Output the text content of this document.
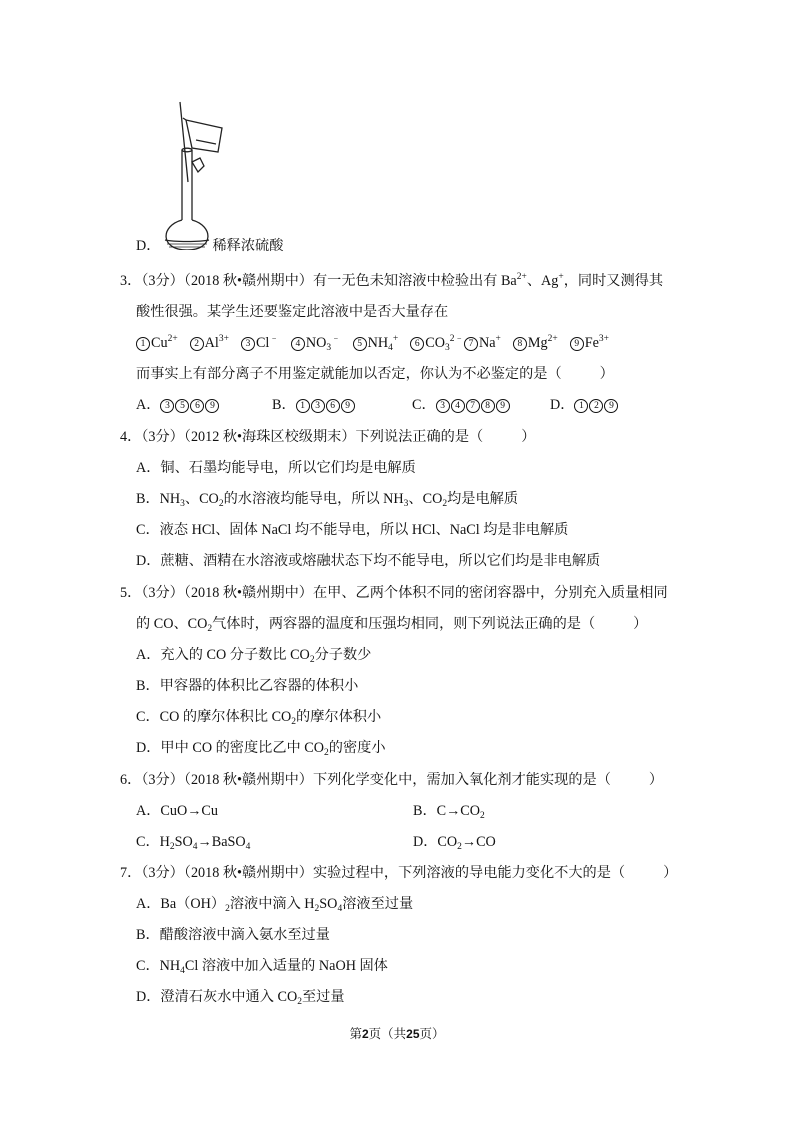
D．	稀释浓硫酸
3．（3分）（2018 秋•赣州期中）有一无色未知溶液中检验出有 $Ba^{2+}$、Ag+，同时又测得其
酸性很强。某学生还要鉴定此溶液中是否大量存在
1 $Cu^{2+}$ 2 $Al^{3+}$ 3 Cl﹣ 4 $NO_3^﹣$ 5 $NH_4^+$ 6 $CO_3^{2﹣}$ 7 Na+ 8 $Mg^{2+}$ 9 $Fe^{3+}$
而事实上有部分离子不用鉴定就能加以否定，你认为不必鉴定的是（	）
A． 3 5 6 9	B． 1 3 6 9	C． 3 4 7 8 9	D． 1 2 9
4．（3分）（2012 秋•海珠区校级期末）下列说法正确的是（	）
A．铜、石墨均能导电，所以它们均是电解质
B．$NH_3$、$CO_2$的水溶液均能导电，所以 $NH_3$、$CO_2$均是电解质
C．液态 HCl、固体 NaCl 均不能导电，所以 HCl、NaCl 均是非电解质
D．蔗糖、酒精在水溶液或熔融状态下均不能导电，所以它们均是非电解质
5．（3分）（2018 秋•赣州期中）在甲、乙两个体积不同的密闭容器中，分别充入质量相同
的 CO、$CO_2$气体时，两容器的温度和压强均相同，则下列说法正确的是（	）
A．充入的 CO 分子数比 $CO_2$分子数少
B．甲容器的体积比乙容器的体积小
C．CO 的摩尔体积比 $CO_2$的摩尔体积小
D．甲中 CO 的密度比乙中 $CO_2$的密度小
6．（3分）（2018 秋•赣州期中）下列化学变化中，需加入氧化剂才能实现的是（	）
A．CuO→Cu	B．$C\to CO_2$
C．$H_2SO_4\to BaSO_4$	D．$CO_2\to CO$
7．（3分）（2018 秋•赣州期中）实验过程中，下列溶液的导电能力变化不大的是（	）
A．$Ba(OH)_2$溶液中滴入 $H_2SO_4$溶液至过量
B．醋酸溶液中滴入氨水至过量
C．$NH_4Cl$ 溶液中加入适量的 NaOH 固体
D．澄清石灰水中通入 $CO_2$至过量
第2页（共25页）
